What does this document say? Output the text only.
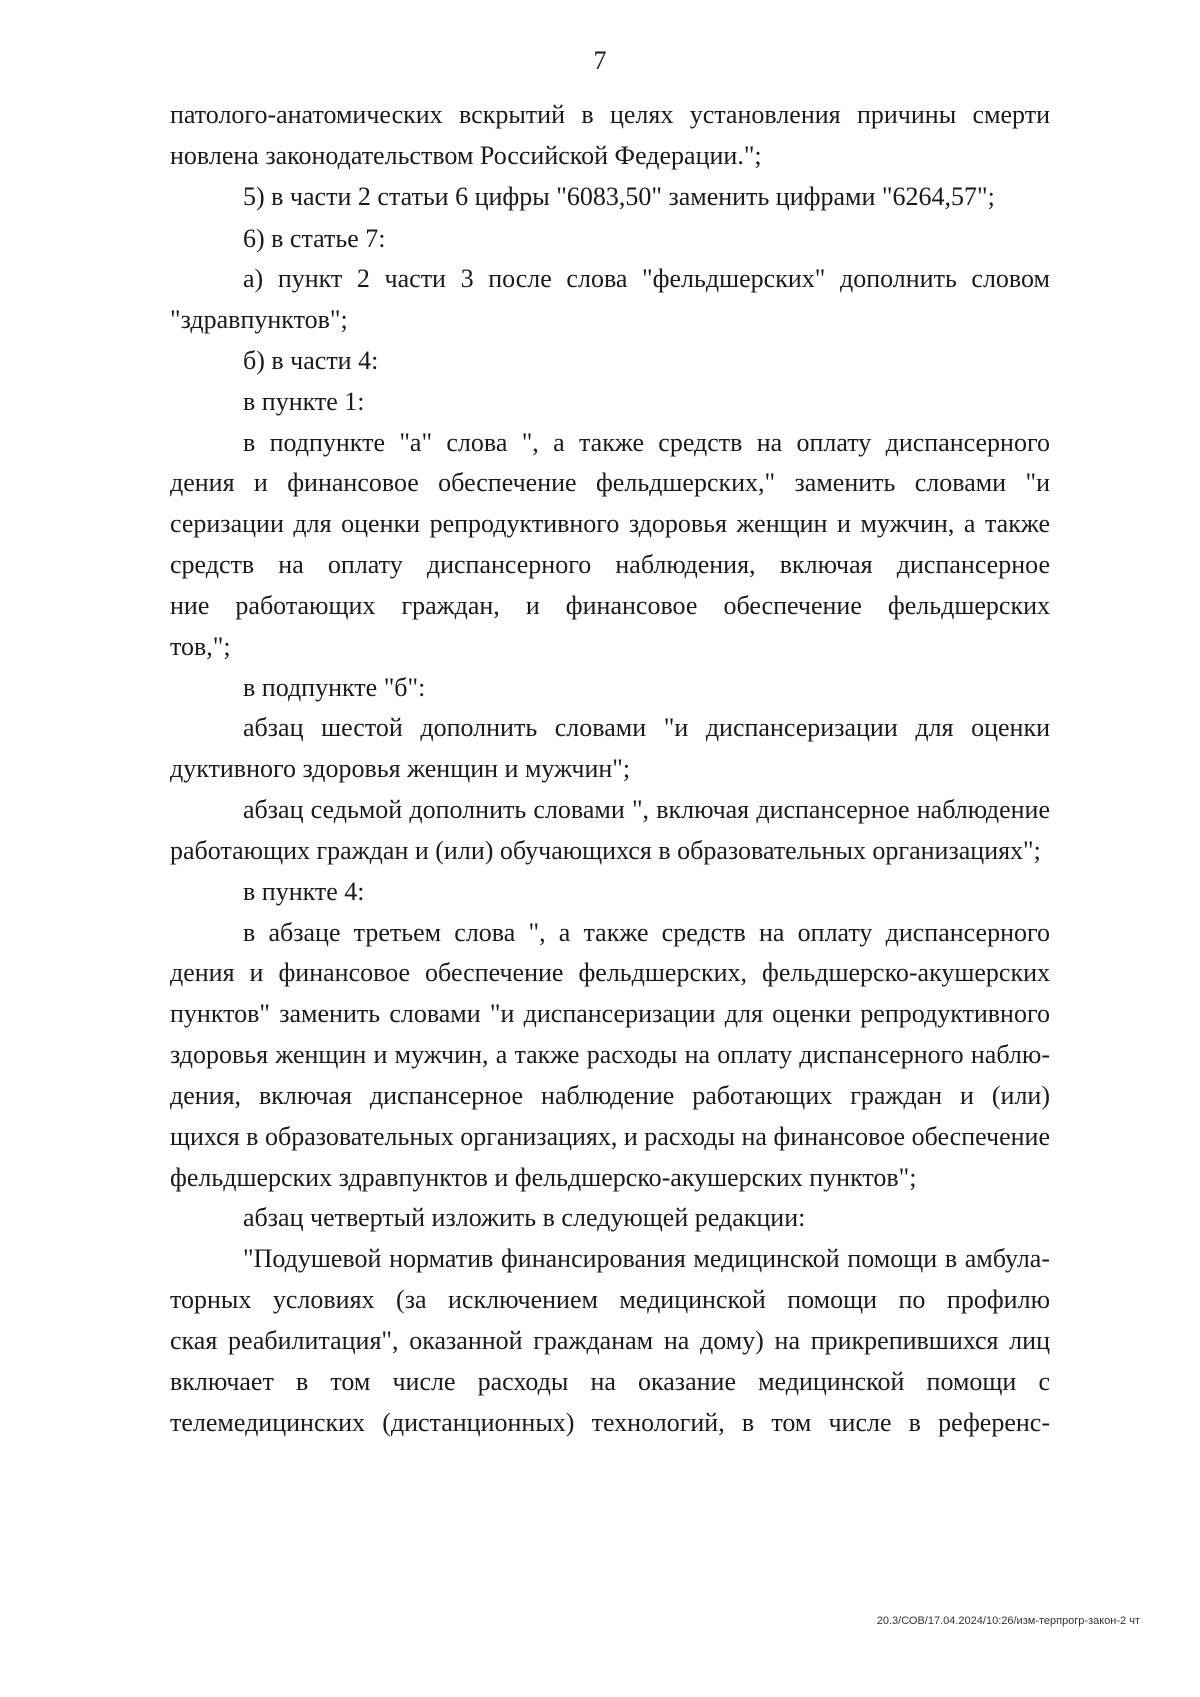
7
патолого-анатомических вскрытий в целях установления причины смерти
новлена законодательством Российской Федерации.";
5) в части 2 статьи 6 цифры "6083,50" заменить цифрами "6264,57";
6) в статье 7:
а) пункт 2 части 3 после слова "фельдшерских" дополнить словом
"здравпунктов";
б) в части 4:
в пункте 1:
в подпункте "а" слова ", а также средств на оплату диспансерного
дения и финансовое обеспечение фельдшерских," заменить словами "и
серизации для оценки репродуктивного здоровья женщин и мужчин, а также
средств на оплату диспансерного наблюдения, включая диспансерное
ние работающих граждан, и финансовое обеспечение фельдшерских
тов,";
в подпункте "б":
абзац шестой дополнить словами "и диспансеризации для оценки
дуктивного здоровья женщин и мужчин";
абзац седьмой дополнить словами ", включая диспансерное наблюдение
работающих граждан и (или) обучающихся в образовательных организациях";
в пункте 4:
в абзаце третьем слова ", а также средств на оплату диспансерного
дения и финансовое обеспечение фельдшерских, фельдшерско-акушерских
пунктов" заменить словами "и диспансеризации для оценки репродуктивного
здоровья женщин и мужчин, а также расходы на оплату диспансерного наблю-
дения, включая диспансерное наблюдение работающих граждан и (или)
щихся в образовательных организациях, и расходы на финансовое обеспечение
фельдшерских здравпунктов и фельдшерско-акушерских пунктов";
абзац четвертый изложить в следующей редакции:
"Подушевой норматив финансирования медицинской помощи в амбула-
торных условиях (за исключением медицинской помощи по профилю
ская реабилитация", оказанной гражданам на дому) на прикрепившихся лиц
включает в том числе расходы на оказание медицинской помощи с
телемедицинских (дистанционных) технологий, в том числе в референс-
20.3/СОВ/17.04.2024/10:26/изм-терпрогр-закон-2 чт
